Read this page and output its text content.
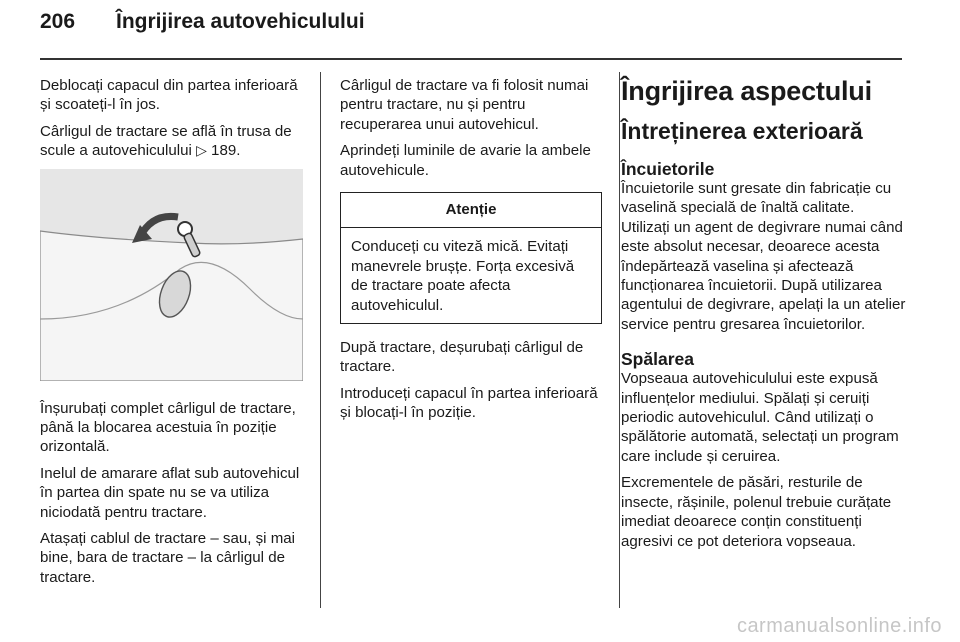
206	Îngrijirea autovehiculului

Deblocați capacul din partea inferioară și scoateți-l în jos.

Cârligul de tractare se află în trusa de scule a autovehiculului ▷ 189.

Înșurubați complet cârligul de tractare, până la blocarea acestuia în poziție orizontală.

Inelul de amarare aflat sub autovehicul în partea din spate nu se va utiliza niciodată pentru tractare.

Atașați cablul de tractare – sau, și mai bine, bara de tractare – la cârligul de tractare.

Cârligul de tractare va fi folosit numai pentru tractare, nu și pentru recuperarea unui autovehicul.

Aprindeți luminile de avarie la ambele autovehicule.

Atenție
Conduceți cu viteză mică. Evitați manevrele brușțe. Forța excesivă de tractare poate afecta autovehiculul.

După tractare, deșurubați cârligul de tractare.

Introduceți capacul în partea inferioară și blocați-l în poziție.

Îngrijirea aspectului
Întreținerea exterioară
Încuietorile

Încuietorile sunt gresate din fabricație cu vaselină specială de înaltă calitate. Utilizați un agent de degivrare numai când este absolut necesar, deoarece acesta îndepărtează vaselina și afectează funcționarea încuietorii. După utilizarea agentului de degivrare, apelați la un atelier service pentru gresarea încuietorilor.

Spălarea

Vopseaua autovehiculului este expusă influențelor mediului. Spălați și ceruiți periodic autovehiculul. Când utilizați o spălătorie automată, selectați un program care include și ceruirea.

Excrementele de păsări, resturile de insecte, rășinile, polenul trebuie curățate imediat deoarece conțin constituenți agresivi ce pot deteriora vopseaua.

carmanualsonline.info
